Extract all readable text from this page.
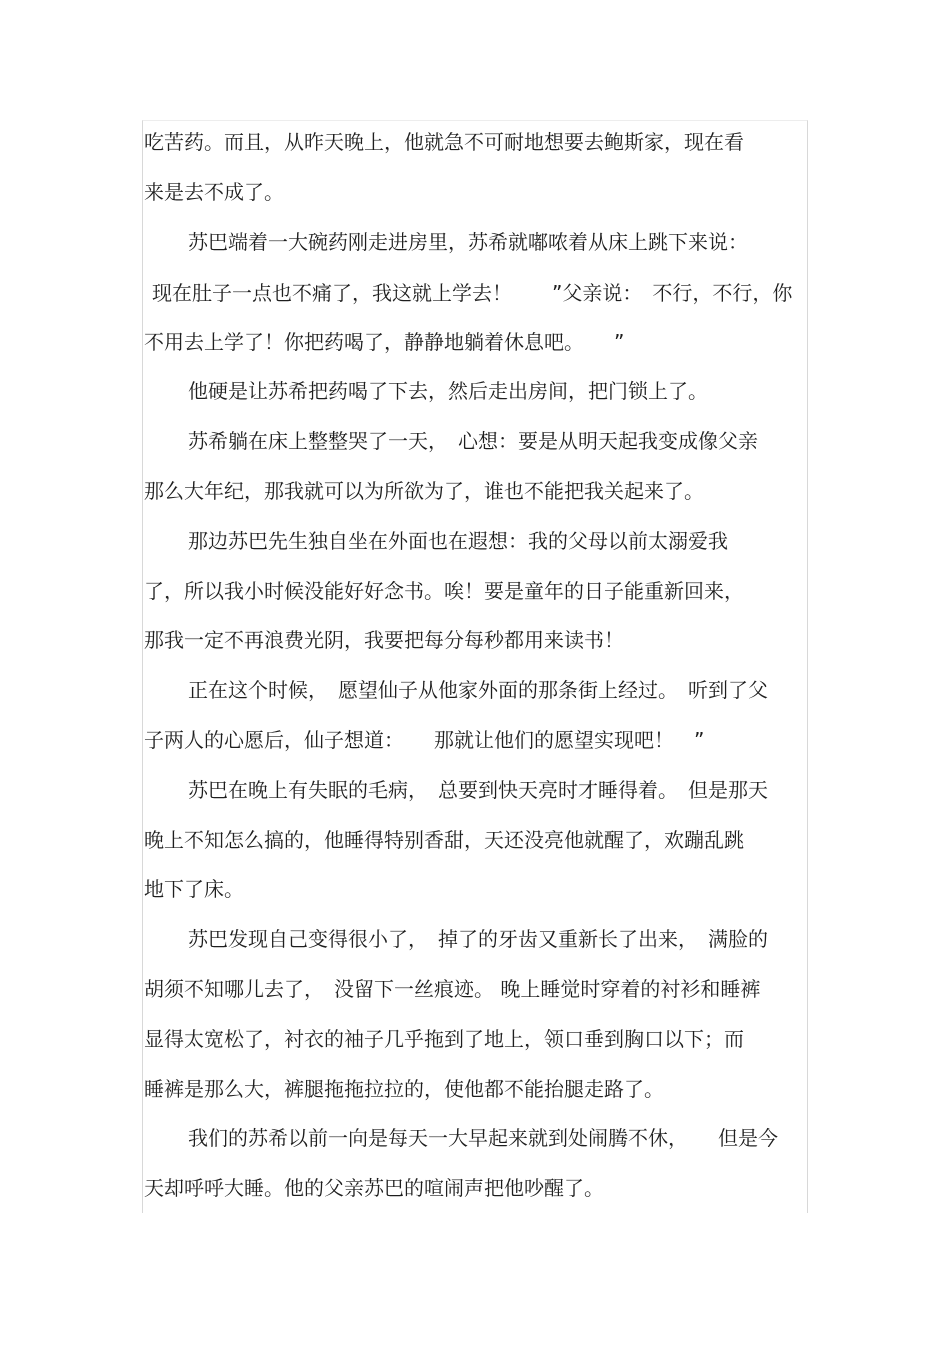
吃苦药。而且，从昨天晚上，他就急不可耐地想要去鲍斯家，现在看

来是去不成了。

苏巴端着一大碗药刚走进房里，苏希就嘟哝着从床上跳下来说：

现在肚子一点也不痛了，我这就上学去！　　”父亲说：　不行，不行，你

不用去上学了！你把药喝了，静静地躺着休息吧。　　”

他硬是让苏希把药喝了下去，然后走出房间，把门锁上了。

苏希躺在床上整整哭了一天，　心想：要是从明天起我变成像父亲

那么大年纪，那我就可以为所欲为了，谁也不能把我关起来了。

那边苏巴先生独自坐在外面也在遐想：我的父母以前太溺爱我

了，所以我小时候没能好好念书。唉！要是童年的日子能重新回来，

那我一定不再浪费光阴，我要把每分每秒都用来读书！

正在这个时候，　愿望仙子从他家外面的那条街上经过。　听到了父

子两人的心愿后，仙子想道：　　那就让他们的愿望实现吧！　”

苏巴在晚上有失眠的毛病，　总要到快天亮时才睡得着。　但是那天

晚上不知怎么搞的，他睡得特别香甜，天还没亮他就醒了，欢蹦乱跳

地下了床。

苏巴发现自己变得很小了，　掉了的牙齿又重新长了出来，　满脸的

胡须不知哪儿去了，　没留下一丝痕迹。 晚上睡觉时穿着的衬衫和睡裤

显得太宽松了，衬衣的袖子几乎拖到了地上，领口垂到胸口以下；而

睡裤是那么大，裤腿拖拖拉拉的，使他都不能抬腿走路了。

我们的苏希以前一向是每天一大早起来就到处闹腾不休，　　但是今

天却呼呼大睡。他的父亲苏巴的喧闹声把他吵醒了。
